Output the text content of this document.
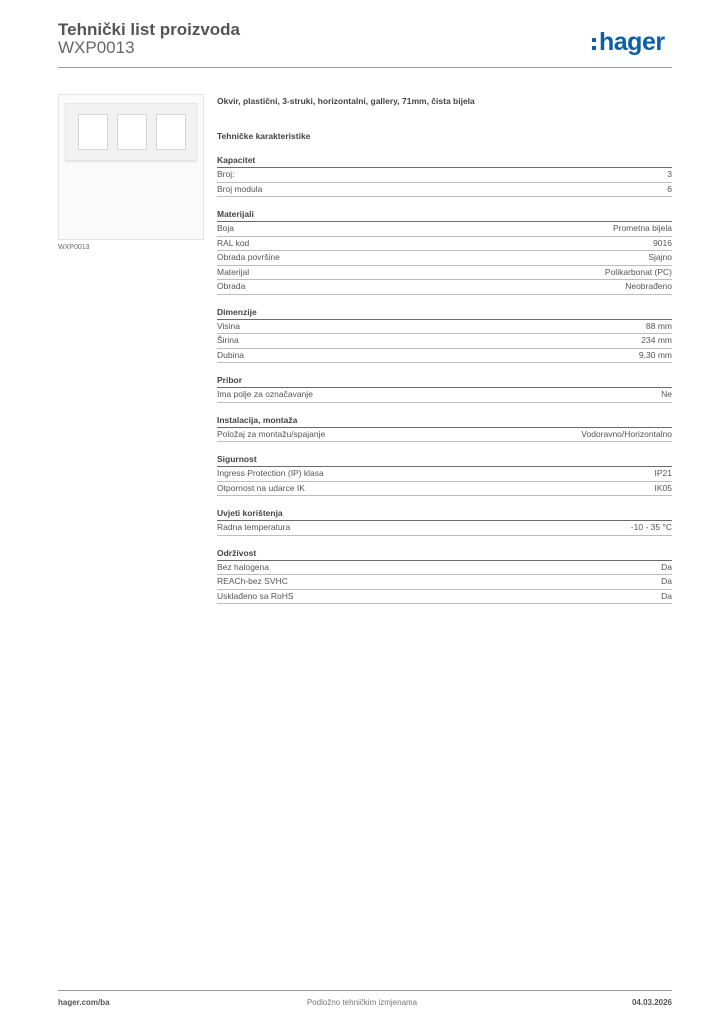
Tehnički list proizvoda
WXP0013	hager
WXP0013
Okvir, plastični, 3-struki, horizontalni, gallery, 71mm, čista bijela
Tehničke karakteristike
Kapacitet
Broj:	3
Broj modula	6
Materijali
Boja	Prometna bijela
RAL kod	9016
Obrada površine	Sjajno
Materijal	Polikarbonat (PC)
Obrada	Neobrađeno
Dimenzije
Visina	88 mm
Širina	234 mm
Dubina	9,30 mm
Pribor
Ima polje za označavanje	Ne
Instalacija, montaža
Položaj za montažu/spajanje	Vodoravno/Horizontalno
Sigurnost
Ingress Protection (IP) klasa	IP21
Otpornost na udarce IK	IK05
Uvjeti korištenja
Radna temperatura	-10 - 35 °C
Održivost
Bez halogena	Da
REACh-bez SVHC	Da
Usklađeno sa RoHS	Da
hager.com/ba	Podložno tehničkim izmjenama	04.03.2026
